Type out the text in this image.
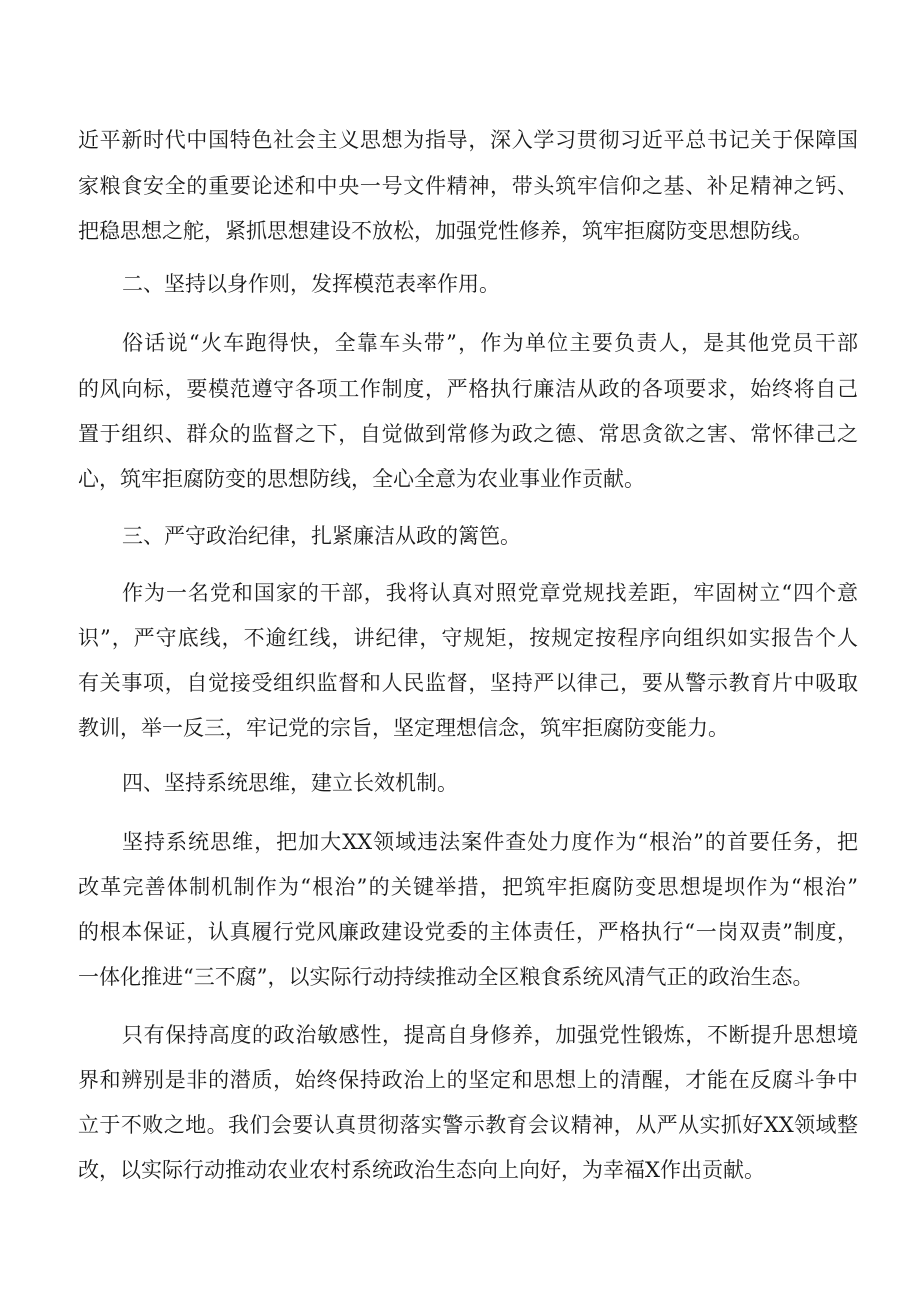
近平新时代中国特色社会主义思想为指导，深入学习贯彻习近平总书记关于保障国
家粮食安全的重要论述和中央一号文件精神，带头筑牢信仰之基、补足精神之钙、
把稳思想之舵，紧抓思想建设不放松，加强党性修养，筑牢拒腐防变思想防线。
二、坚持以身作则，发挥模范表率作用。
俗话说“火车跑得快，全靠车头带”，作为单位主要负责人，是其他党员干部
的风向标，要模范遵守各项工作制度，严格执行廉洁从政的各项要求，始终将自己
置于组织、群众的监督之下，自觉做到常修为政之德、常思贪欲之害、常怀律己之
心，筑牢拒腐防变的思想防线，全心全意为农业事业作贡献。
三、严守政治纪律，扎紧廉洁从政的篱笆。
作为一名党和国家的干部，我将认真对照党章党规找差距，牢固树立“四个意
识”，严守底线，不逾红线，讲纪律，守规矩，按规定按程序向组织如实报告个人
有关事项，自觉接受组织监督和人民监督，坚持严以律己，要从警示教育片中吸取
教训，举一反三，牢记党的宗旨，坚定理想信念，筑牢拒腐防变能力。
四、坚持系统思维，建立长效机制。
坚持系统思维，把加大XX领域违法案件查处力度作为“根治”的首要任务，把
改革完善体制机制作为“根治”的关键举措，把筑牢拒腐防变思想堤坝作为“根治”
的根本保证，认真履行党风廉政建设党委的主体责任，严格执行“一岗双责”制度，
一体化推进“三不腐”，以实际行动持续推动全区粮食系统风清气正的政治生态。
只有保持高度的政治敏感性，提高自身修养，加强党性锻炼，不断提升思想境
界和辨别是非的潜质，始终保持政治上的坚定和思想上的清醒，才能在反腐斗争中
立于不败之地。我们会要认真贯彻落实警示教育会议精神，从严从实抓好XX领域整
改，以实际行动推动农业农村系统政治生态向上向好，为幸福X作出贡献。
